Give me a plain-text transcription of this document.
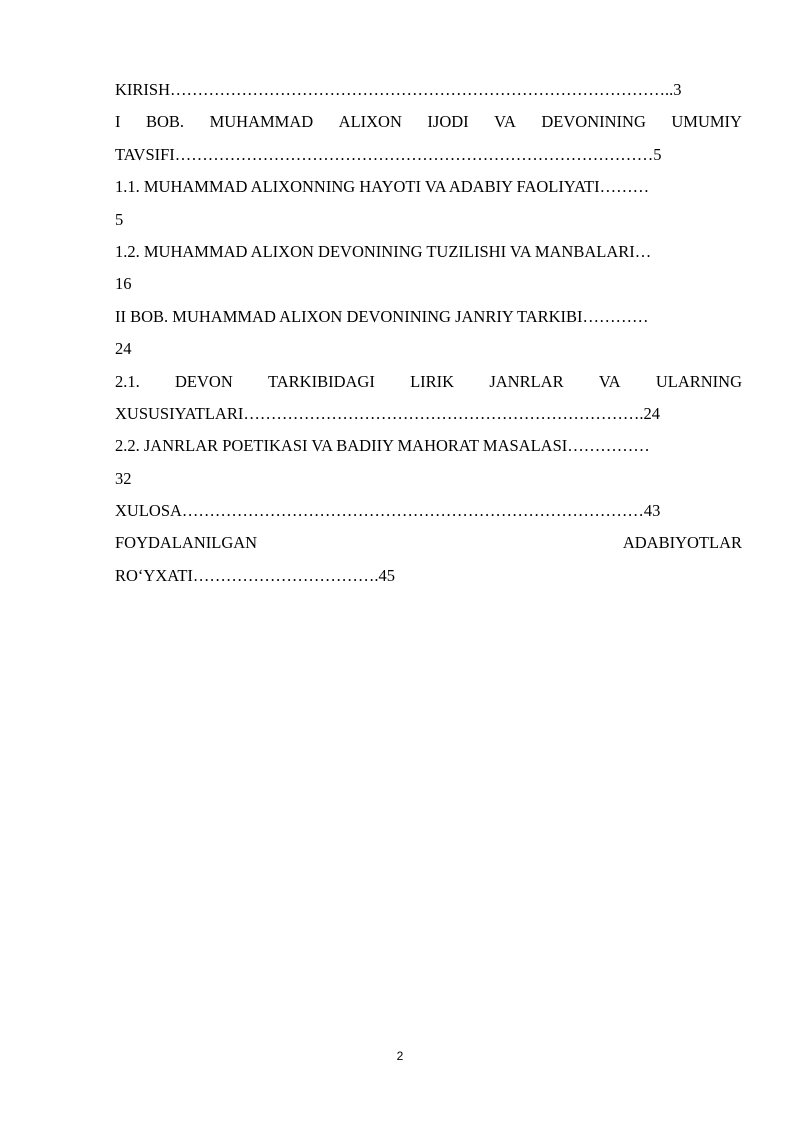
KIRISH………………………………………………………………………………..3
I BOB. MUHAMMAD ALIXON IJODI VA DEVONINING UMUMIY
TAVSIFI……………………………………………………………………………5
1.1. MUHAMMAD ALIXONNING HAYOTI VA ADABIY FAOLIYATI………
5
1.2. MUHAMMAD ALIXON DEVONINING TUZILISHI VA MANBALARI…
16
II BOB. MUHAMMAD ALIXON DEVONINING JANRIY TARKIBI…………
24
2.1. DEVON TARKIBIDAGI LIRIK JANRLAR VA ULARNING
XUSUSIYATLARI……………………………………………………………….24
2.2. JANRLAR POETIKASI VA BADIIY MAHORAT MASALASI……………
32
XULOSA…………………………………………………………………………43
FOYDALANILGAN	ADABIYOTLAR
RO‘YXATI…………………………….45
2
